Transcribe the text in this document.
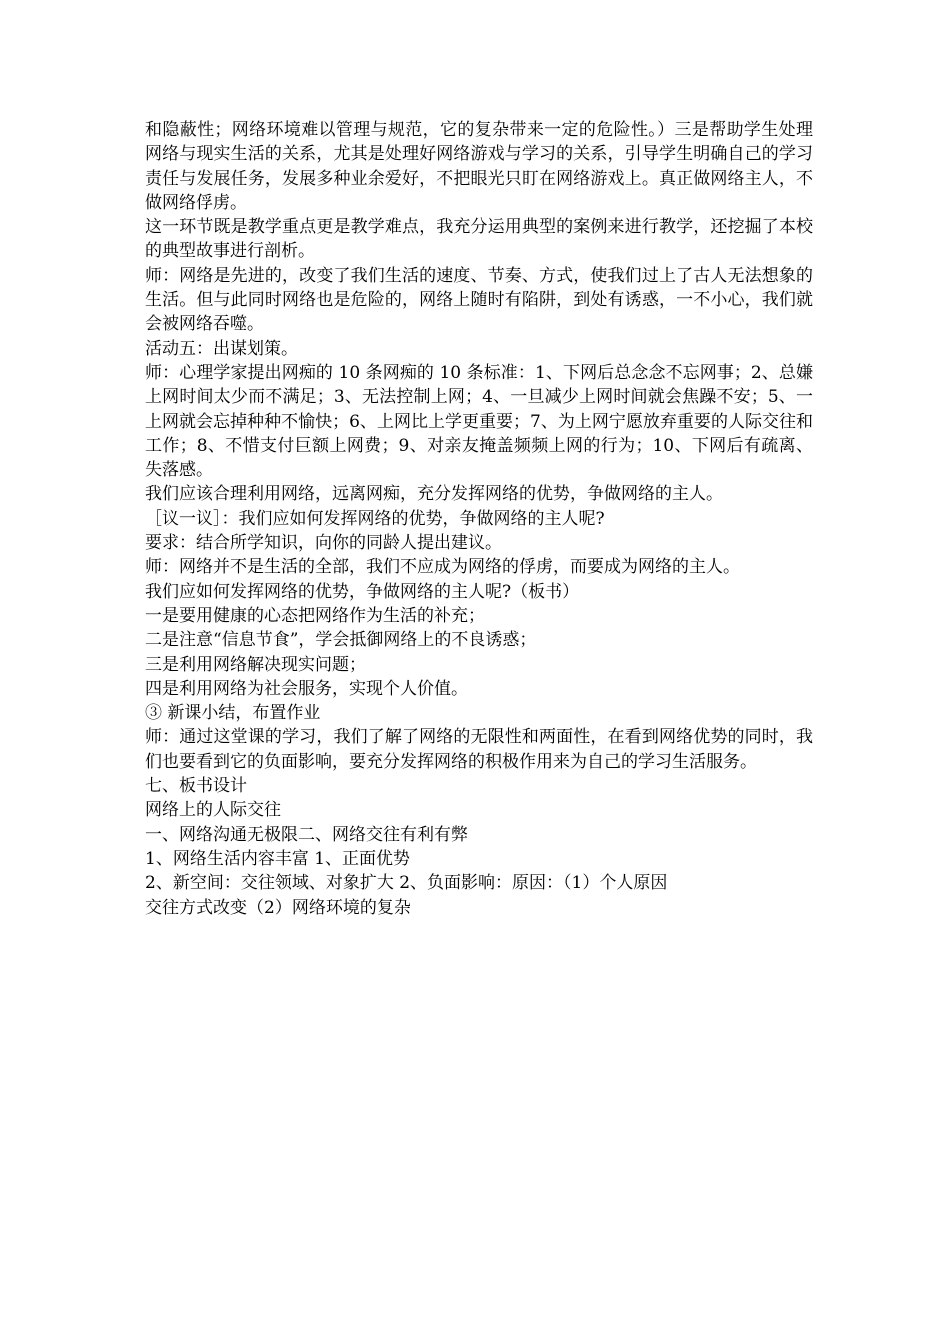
和隐蔽性；网络环境难以管理与规范，它的复杂带来一定的危险性。）三是帮助学生处理网络与现实生活的关系，尤其是处理好网络游戏与学习的关系，引导学生明确自己的学习责任与发展任务，发展多种业余爱好，不把眼光只盯在网络游戏上。真正做网络主人，不做网络俘虏。

这一环节既是教学重点更是教学难点，我充分运用典型的案例来进行教学，还挖掘了本校的典型故事进行剖析。

师：网络是先进的，改变了我们生活的速度、节奏、方式，使我们过上了古人无法想象的生活。但与此同时网络也是危险的，网络上随时有陷阱，到处有诱惑，一不小心，我们就会被网络吞噬。

活动五：出谋划策。

师：心理学家提出网痴的 10 条网痴的 10 条标准：1、下网后总念念不忘网事；2、总嫌上网时间太少而不满足；3、无法控制上网；4、一旦减少上网时间就会焦躁不安；5、一上网就会忘掉种种不愉快；6、上网比上学更重要；7、为上网宁愿放弃重要的人际交往和工作；8、不惜支付巨额上网费；9、对亲友掩盖频频上网的行为；10、下网后有疏离、失落感。

我们应该合理利用网络，远离网痴，充分发挥网络的优势，争做网络的主人。

［议一议］：我们应如何发挥网络的优势，争做网络的主人呢?

要求：结合所学知识，向你的同龄人提出建议。

师：网络并不是生活的全部，我们不应成为网络的俘虏，而要成为网络的主人。

我们应如何发挥网络的优势，争做网络的主人呢?（板书）

一是要用健康的心态把网络作为生活的补充；

二是注意“信息节食”，学会抵御网络上的不良诱惑；

三是利用网络解决现实问题；

四是利用网络为社会服务，实现个人价值。

③ 新课小结，布置作业

师：通过这堂课的学习，我们了解了网络的无限性和两面性，在看到网络优势的同时，我们也要看到它的负面影响，要充分发挥网络的积极作用来为自己的学习生活服务。

七、板书设计

网络上的人际交往

一、网络沟通无极限二、网络交往有利有弊

1、网络生活内容丰富 1、正面优势

2、新空间：交往领域、对象扩大 2、负面影响：原因：（1）个人原因

交往方式改变（2）网络环境的复杂
